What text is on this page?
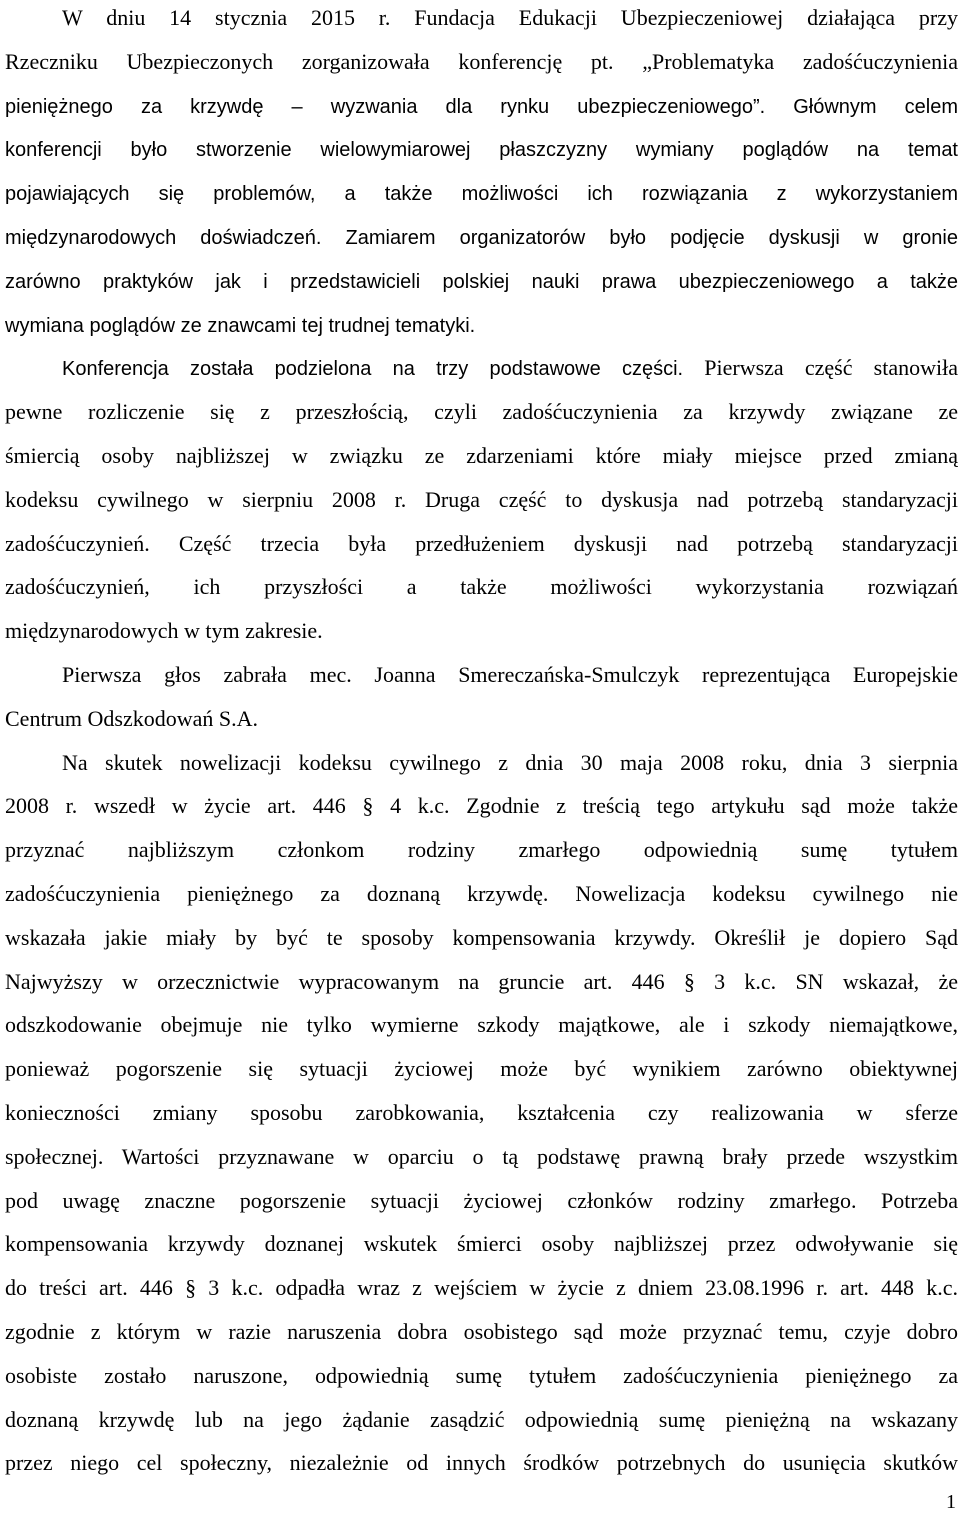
W dniu 14 stycznia 2015 r. Fundacja Edukacji Ubezpieczeniowej działająca przy
Rzeczniku Ubezpieczonych zorganizowała konferencję pt. „Problematyka zadośćuczynienia
pieniężnego za krzywdę – wyzwania dla rynku ubezpieczeniowego”. Głównym celem
konferencji było stworzenie wielowymiarowej płaszczyzny wymiany poglądów na temat
pojawiających się problemów, a także możliwości ich rozwiązania z wykorzystaniem
międzynarodowych doświadczeń. Zamiarem organizatorów było podjęcie dyskusji w gronie
zarówno praktyków jak i przedstawicieli polskiej nauki prawa ubezpieczeniowego a także
wymiana poglądów ze znawcami tej trudnej tematyki.
Konferencja została podzielona na trzy podstawowe części. Pierwsza część stanowiła
pewne rozliczenie się z przeszłością, czyli zadośćuczynienia za krzywdy związane ze
śmiercią osoby najbliższej w związku ze zdarzeniami które miały miejsce przed zmianą
kodeksu cywilnego w sierpniu 2008 r. Druga część to dyskusja nad potrzebą standaryzacji
zadośćuczynień. Część trzecia była przedłużeniem dyskusji nad potrzebą standaryzacji
zadośćuczynień, ich przyszłości a także możliwości wykorzystania rozwiązań
międzynarodowych w tym zakresie.
Pierwsza głos zabrała mec. Joanna Smereczańska-Smulczyk reprezentująca Europejskie
Centrum Odszkodowań S.A.
Na skutek nowelizacji kodeksu cywilnego z dnia 30 maja 2008 roku, dnia 3 sierpnia
2008 r. wszedł w życie art. 446 § 4 k.c. Zgodnie z treścią tego artykułu sąd może także
przyznać najbliższym członkom rodziny zmarłego odpowiednią sumę tytułem
zadośćuczynienia pieniężnego za doznaną krzywdę. Nowelizacja kodeksu cywilnego nie
wskazała jakie miały by być te sposoby kompensowania krzywdy. Określił je dopiero Sąd
Najwyższy w orzecznictwie wypracowanym na gruncie art. 446 § 3 k.c. SN wskazał, że
odszkodowanie obejmuje nie tylko wymierne szkody majątkowe, ale i szkody niemajątkowe,
ponieważ pogorszenie się sytuacji życiowej może być wynikiem zarówno obiektywnej
konieczności zmiany sposobu zarobkowania, kształcenia czy realizowania w sferze
społecznej. Wartości przyznawane w oparciu o tą podstawę prawną brały przede wszystkim
pod uwagę znaczne pogorszenie sytuacji życiowej członków rodziny zmarłego. Potrzeba
kompensowania krzywdy doznanej wskutek śmierci osoby najbliższej przez odwoływanie się
do treści art. 446 § 3 k.c. odpadła wraz z wejściem w życie z dniem 23.08.1996 r. art. 448 k.c.
zgodnie z którym w razie naruszenia dobra osobistego sąd może przyznać temu, czyje dobro
osobiste zostało naruszone, odpowiednią sumę tytułem zadośćuczynienia pieniężnego za
doznaną krzywdę lub na jego żądanie zasądzić odpowiednią sumę pieniężną na wskazany
przez niego cel społeczny, niezależnie od innych środków potrzebnych do usunięcia skutków
1
